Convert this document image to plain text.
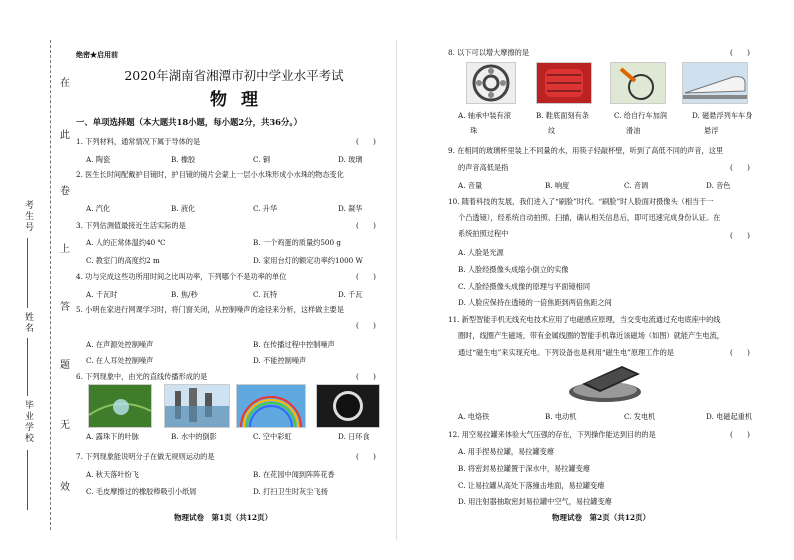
在
此
卷
上
答
题
无
效
考生号
姓名
毕业学校
绝密★启用前
2020年湖南省湘潭市初中学业水平考试
物理
一、单项选择题（本大题共18小题，每小题2分，共36分。）
1. 下列材料，通常情况下属于导体的是	(　　)
A. 陶瓷	B. 橡胶	C. 铜	D. 玻璃
2. 医生长时间配戴护目镜时，护目镜的镜片会蒙上一层小水珠形成小水珠的物态变化
A. 汽化	B. 液化	C. 升华	D. 凝华
3. 下列估测值最接近生活实际的是	(　　)
A. 人的正常体温约40 ℃	B. 一个鸡蛋的质量约500 g
C. 教室门的高度约2 m	D. 家用台灯的额定功率约1000 W
4. 功与完成这些功所用时间之比叫功率，下列哪个不是功率的单位	(　　)
A. 千瓦时	B. 焦/秒	C. 瓦特	D. 千瓦
5. 小明在家进行网课学习时，将门窗关闭，从控制噪声的途径来分析，这样做主要是
(　　)
A. 在声源处控制噪声	B. 在传播过程中控制噪声
C. 在人耳处控制噪声	D. 不能控制噪声
6. 下列现象中，由光的直线传播形成的是	(　　)
A. 露珠下的叶脉	B. 水中的倒影	C. 空中彩虹	D. 日环食
7. 下列现象能说明分子在做无规则运动的是	(　　)
A. 秋天落叶纷飞	B. 在花园中闻到阵阵花香
C. 毛皮摩擦过的橡胶棒吸引小纸屑	D. 打扫卫生时灰尘飞扬
物理试卷　第1页（共12页）
8. 以下可以增大摩擦的是	(　　)
A. 轴承中装有滚
珠
B. 鞋底面刻有条
纹
C. 给自行车加润
滑油
D. 磁悬浮列车车身
悬浮
9. 在相同的玻璃杯里装上不同量的水，用筷子轻敲杯壁，听到了高低不同的声音，这里
的声音高低是指	(　　)
A. 音量	B. 响度	C. 音调	D. 音色
10. 随着科技的发展，我们进入了“刷脸”时代。“刷脸”时人脸面对摄像头（相当于一
个凸透镜），经系统自动拍照、扫描，确认相关信息后，即可迅速完成身份认证。在
系统拍照过程中	(　　)
A. 人脸是光源
B. 人脸经摄像头成缩小倒立的实像
C. 人脸经摄像头成像的原理与平面镜相同
D. 人脸应保持在透镜的一倍焦距到两倍焦距之间
11. 新型智能手机无线充电技术应用了电磁感应原理，当交变电流通过充电底座中的线
圈时，线圈产生磁场，带有金属线圈的智能手机靠近该磁场（如图）就能产生电流，
通过“磁生电”来实现充电。下列设备也是利用“磁生电”原理工作的是	(　　)
A. 电烙铁	B. 电动机	C. 发电机	D. 电磁起重机
12. 用空易拉罐来体验大气压强的存在，下列操作能达到目的的是	(　　)
A. 用手捏易拉罐，易拉罐变瘪
B. 将密封易拉罐置于深水中，易拉罐变瘪
C. 让易拉罐从高处下落撞击地面，易拉罐变瘪
D. 用注射器抽取密封易拉罐中空气，易拉罐变瘪
物理试卷　第2页（共12页）
